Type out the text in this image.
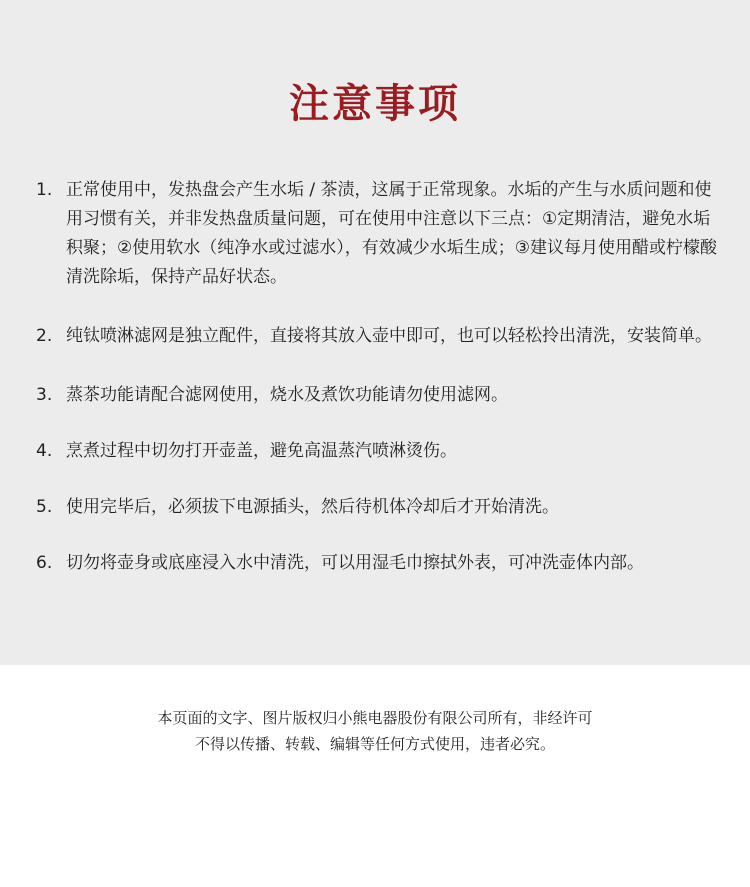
注意事项
1. 正常使用中，发热盘会产生水垢 / 茶渍，这属于正常现象。水垢的产生与水质问题和使用习惯有关，并非发热盘质量问题，可在使用中注意以下三点：①定期清洁，避免水垢积聚；②使用软水（纯净水或过滤水），有效减少水垢生成；③建议每月使用醋或柠檬酸清洗除垢，保持产品好状态。
2. 纯钛喷淋滤网是独立配件，直接将其放入壶中即可，也可以轻松拎出清洗，安装简单。
3. 蒸茶功能请配合滤网使用，烧水及煮饮功能请勿使用滤网。
4. 烹煮过程中切勿打开壶盖，避免高温蒸汽喷淋烫伤。
5. 使用完毕后，必须拔下电源插头，然后待机体冷却后才开始清洗。
6. 切勿将壶身或底座浸入水中清洗，可以用湿毛巾擦拭外表，可冲洗壶体内部。
本页面的文字、图片版权归小熊电器股份有限公司所有，非经许可
不得以传播、转载、编辑等任何方式使用，违者必究。
